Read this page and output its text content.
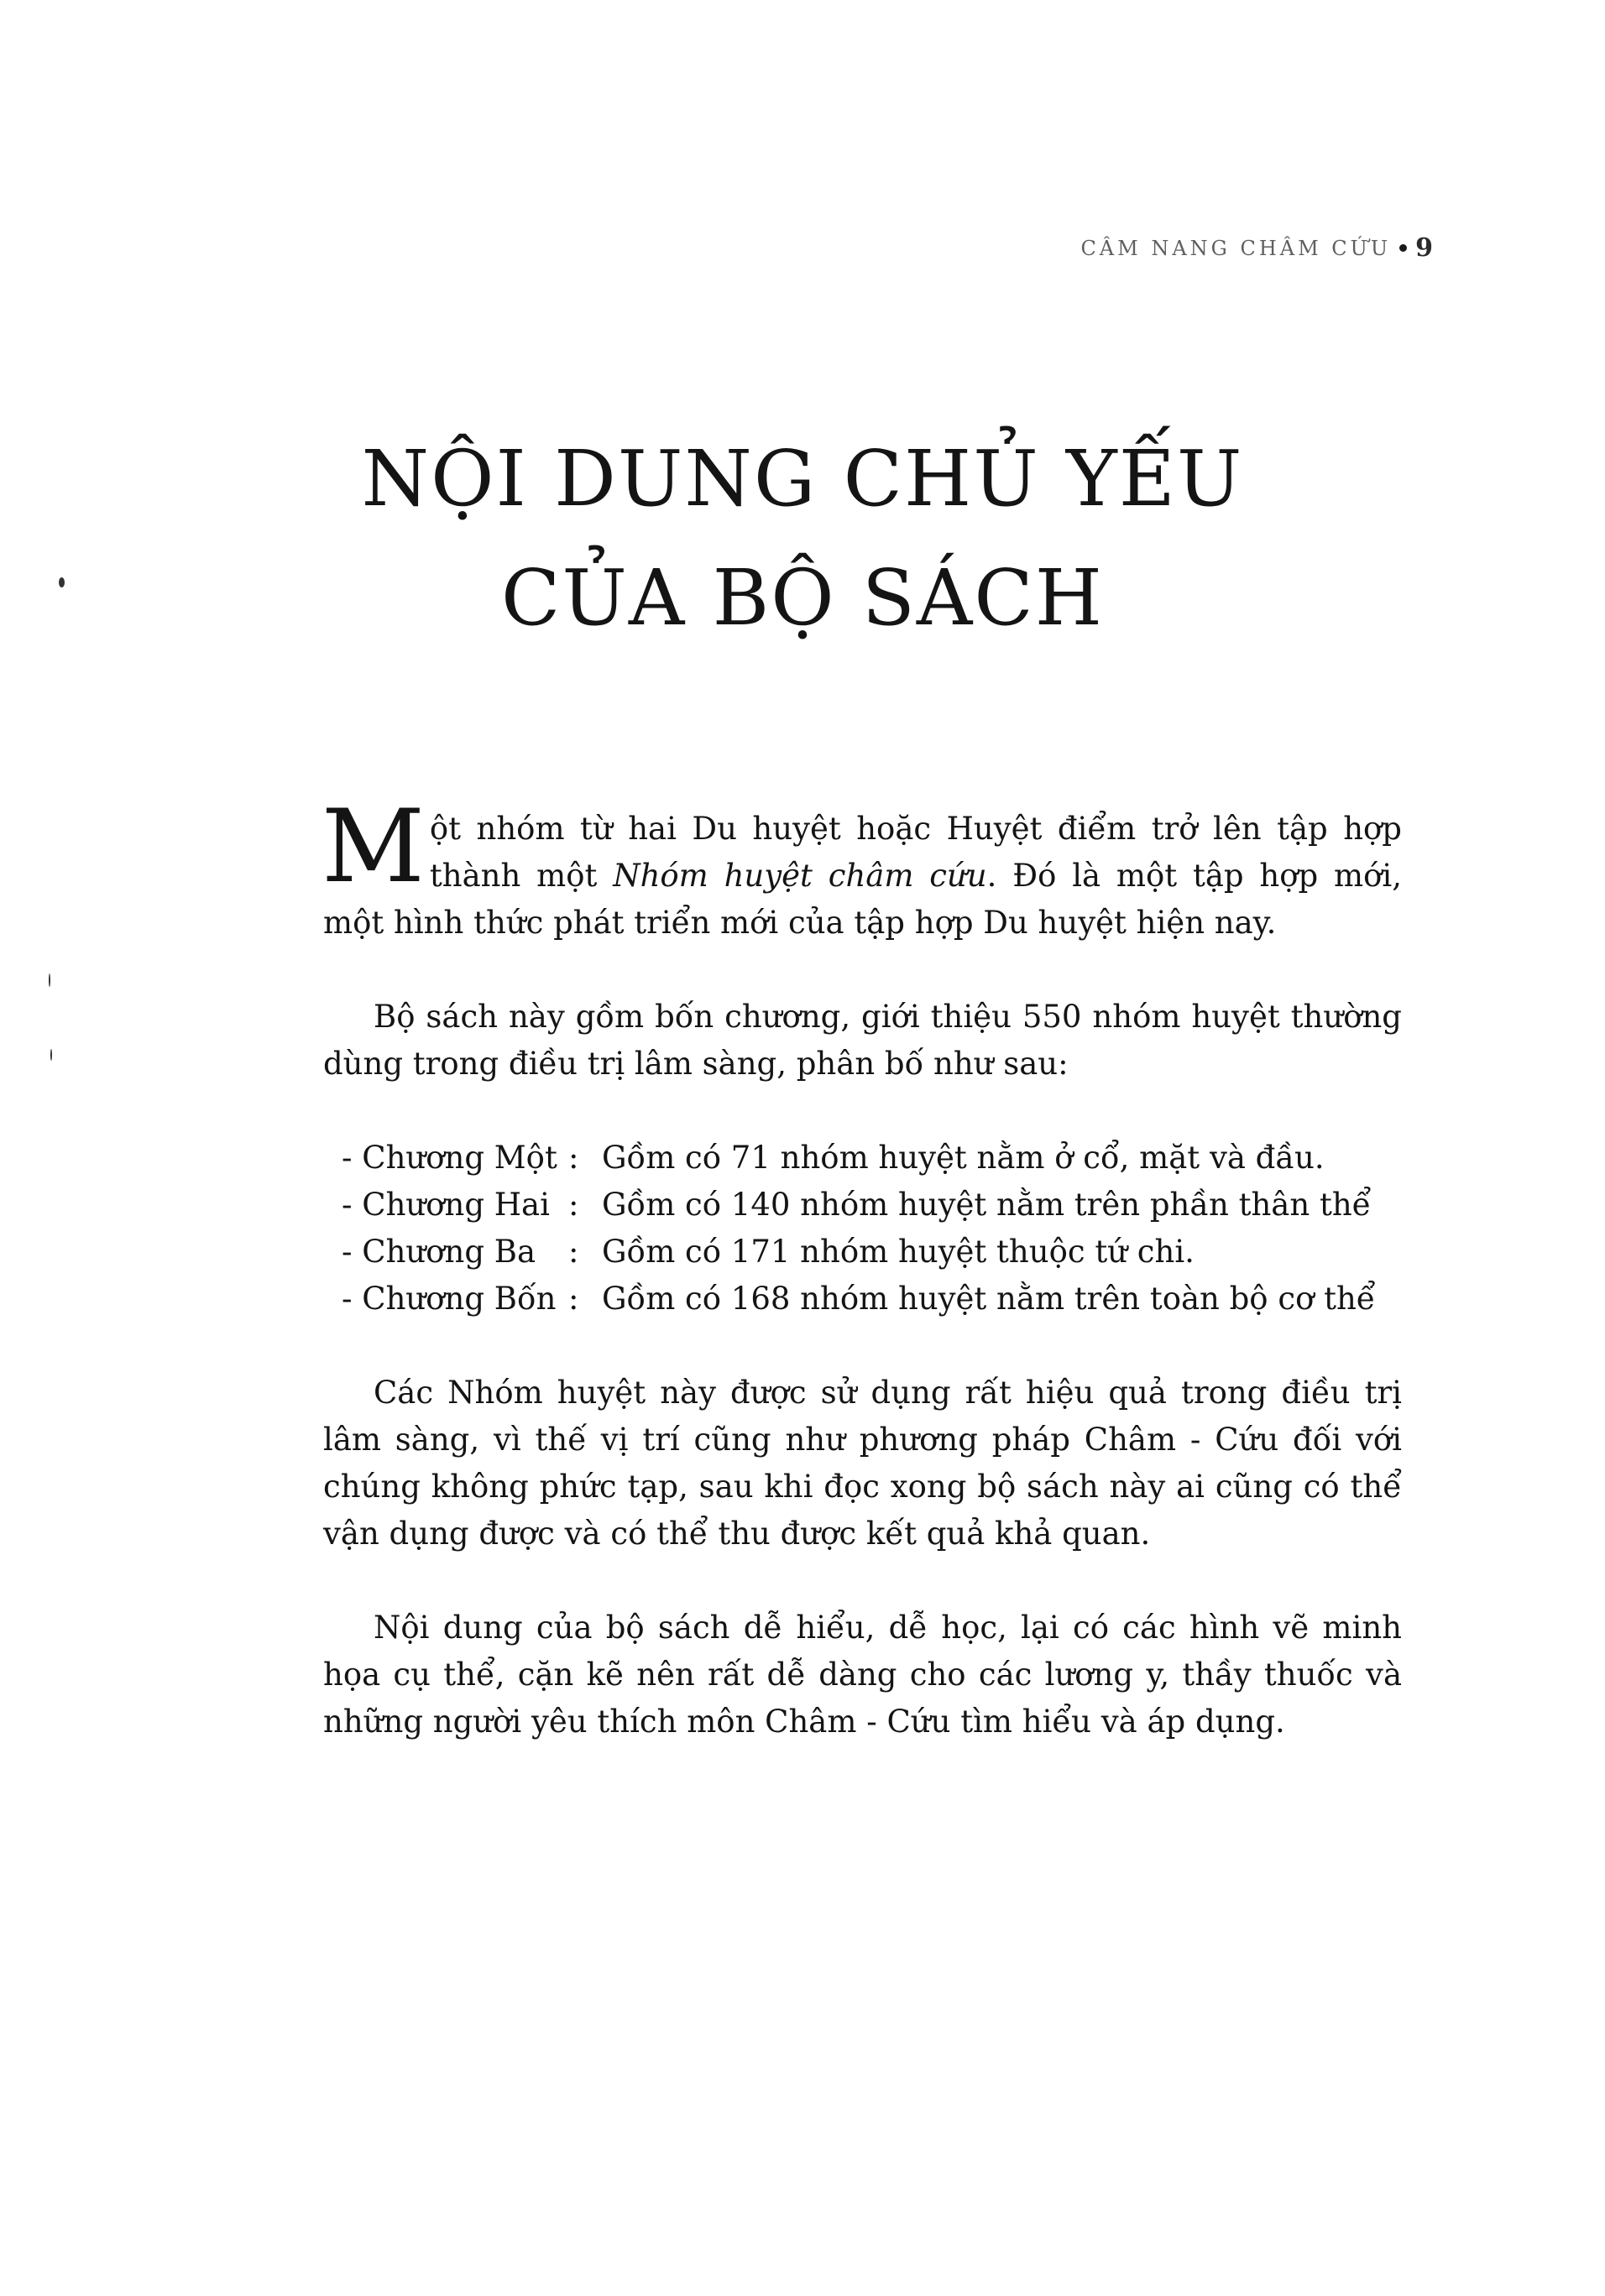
CÂM NANG CHÂM CỨU 9
NỘI DUNG CHỦ YẾU
CỦA BỘ SÁCH

Một nhóm từ hai Du huyệt hoặc Huyệt điểm trở lên tập hợp thành một Nhóm huyệt châm cứu. Đó là một tập hợp mới, một hình thức phát triển mới của tập hợp Du huyệt hiện nay.

Bộ sách này gồm bốn chương, giới thiệu 550 nhóm huyệt thường dùng trong điều trị lâm sàng, phân bố như sau:

- Chương Một : Gồm có 71 nhóm huyệt nằm ở cổ, mặt và đầu.
- Chương Hai : Gồm có 140 nhóm huyệt nằm trên phần thân thể
- Chương Ba	: Gồm có 171 nhóm huyệt thuộc tứ chi.
- Chương Bốn : Gồm có 168 nhóm huyệt nằm trên toàn bộ cơ thể

Các Nhóm huyệt này được sử dụng rất hiệu quả trong điều trị lâm sàng, vì thế vị trí cũng như phương pháp Châm - Cứu đối với chúng không phức tạp, sau khi đọc xong bộ sách này ai cũng có thể vận dụng được và có thể thu được kết quả khả quan.

Nội dung của bộ sách dễ hiểu, dễ học, lại có các hình vẽ minh họa cụ thể, cặn kẽ nên rất dễ dàng cho các lương y, thầy thuốc và những người yêu thích môn Châm - Cứu tìm hiểu và áp dụng.
